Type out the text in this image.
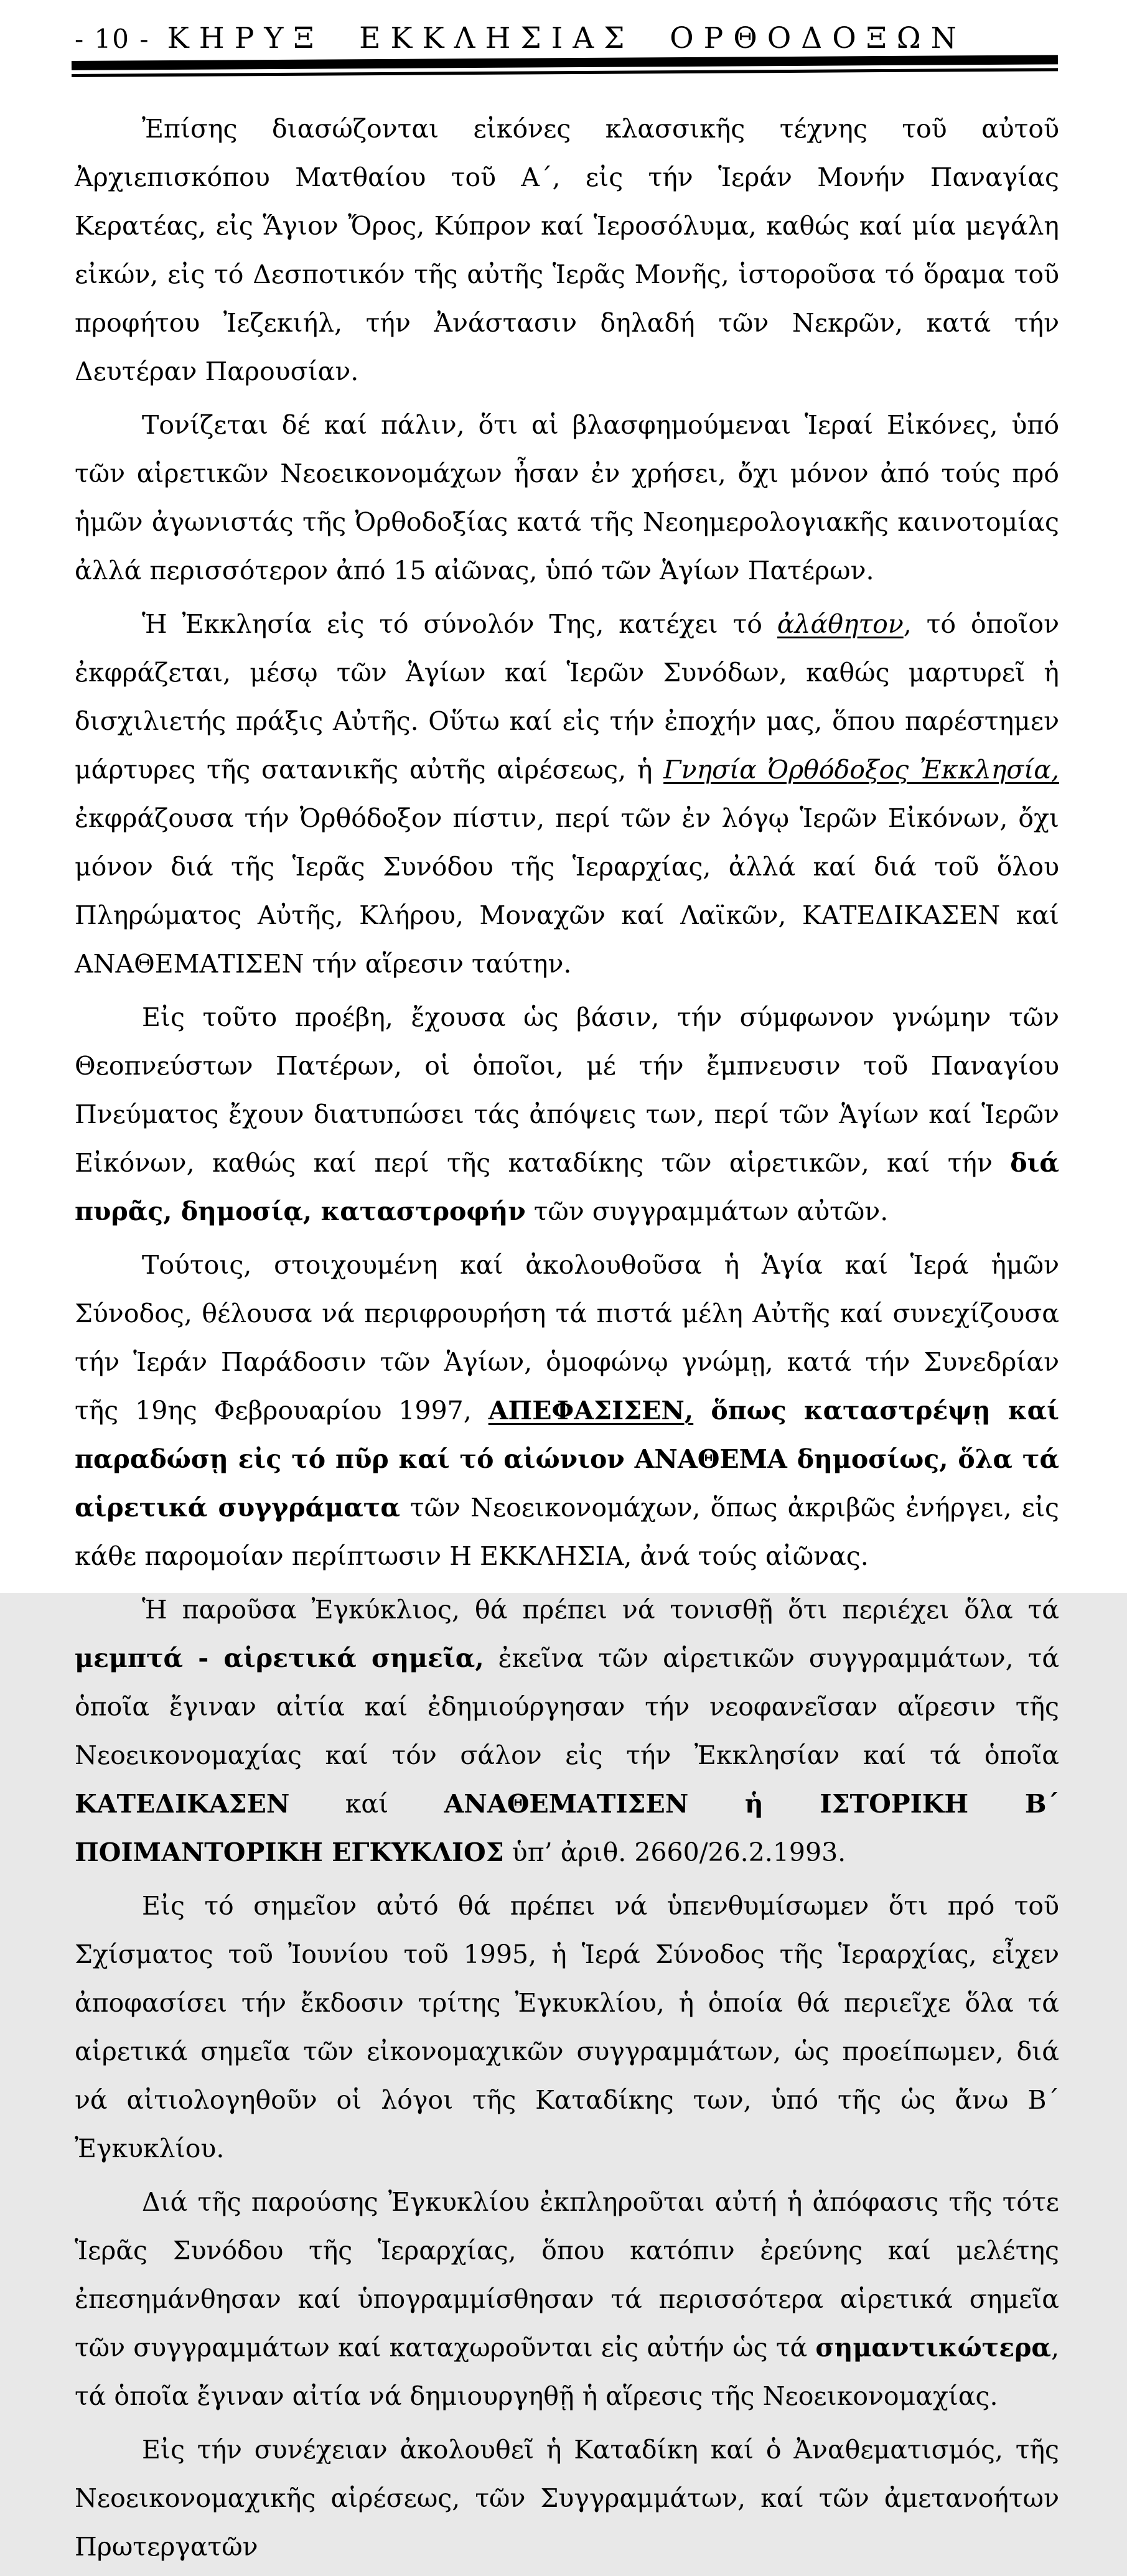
- 10 - ΚΗΡΥΞ ΕΚΚΛΗΣΙΑΣ ΟΡΘΟΔΟΞΩΝ

Ἐπίσης διασώζονται εἰκόνες κλασσικῆς τέχνης τοῦ αὐτοῦ Ἀρχιεπισκόπου Ματθαίου τοῦ Α΄, εἰς τήν Ἱεράν Μονήν Παναγίας Κερατέας, εἰς Ἅγιον Ὄρος, Κύπρον καί Ἱεροσόλυμα, καθώς καί μία μεγάλη εἰκών, εἰς τό Δεσποτικόν τῆς αὐτῆς Ἱερᾶς Μονῆς, ἱστοροῦσα τό ὅραμα τοῦ προφήτου Ἰεζεκιήλ, τήν Ἀνάστασιν δηλαδή τῶν Νεκρῶν, κατά τήν Δευτέραν Παρουσίαν.

Τονίζεται δέ καί πάλιν, ὅτι αἱ βλασφημούμεναι Ἱεραί Εἰκόνες, ὑπό τῶν αἱρετικῶν Νεοεικονομάχων ἦσαν ἐν χρήσει, ὄχι μόνον ἀπό τούς πρό ἡμῶν ἀγωνιστάς τῆς Ὀρθοδοξίας κατά τῆς Νεοημερολογιακῆς καινοτομίας ἀλλά περισσότερον ἀπό 15 αἰῶνας, ὑπό τῶν Ἁγίων Πατέρων.

Ἡ Ἐκκλησία εἰς τό σύνολόν Της, κατέχει τό ἀλάθητον, τό ὁποῖον ἐκφράζεται, μέσῳ τῶν Ἁγίων καί Ἱερῶν Συνόδων, καθώς μαρτυρεῖ ἡ δισχιλιετής πράξις Αὐτῆς. Οὕτω καί εἰς τήν ἐποχήν μας, ὅπου παρέστημεν μάρτυρες τῆς σατανικῆς αὐτῆς αἱρέσεως, ἡ Γνησία Ὀρθόδοξος Ἐκκλησία, ἐκφράζουσα τήν Ὀρθόδοξον πίστιν, περί τῶν ἐν λόγῳ Ἱερῶν Εἰκόνων, ὄχι μόνον διά τῆς Ἱερᾶς Συνόδου τῆς Ἱεραρχίας, ἀλλά καί διά τοῦ ὅλου Πληρώματος Αὐτῆς, Κλήρου, Μοναχῶν καί Λαϊκῶν, ΚΑΤΕΔΙΚΑΣΕΝ καί ΑΝΑΘΕΜΑΤΙΣΕΝ τήν αἵρεσιν ταύτην.

Εἰς τοῦτο προέβη, ἔχουσα ὡς βάσιν, τήν σύμφωνον γνώμην τῶν Θεοπνεύστων Πατέρων, οἱ ὁποῖοι, μέ τήν ἔμπνευσιν τοῦ Παναγίου Πνεύματος ἔχουν διατυπώσει τάς ἀπόψεις των, περί τῶν Ἁγίων καί Ἱερῶν Εἰκόνων, καθώς καί περί τῆς καταδίκης τῶν αἱρετικῶν, καί τήν διά πυρᾶς, δημοσίᾳ, καταστροφήν τῶν συγγραμμάτων αὐτῶν.

Τούτοις, στοιχουμένη καί ἀκολουθοῦσα ἡ Ἁγία καί Ἱερά ἡμῶν Σύνοδος, θέλουσα νά περιφρουρήση τά πιστά μέλη Αὐτῆς καί συνεχίζουσα τήν Ἱεράν Παράδοσιν τῶν Ἁγίων, ὁμοφώνῳ γνώμῃ, κατά τήν Συνεδρίαν τῆς 19ης Φεβρουαρίου 1997, ΑΠΕΦΑΣΙΣΕΝ, ὅπως καταστρέψῃ καί παραδώσῃ εἰς τό πῦρ καί τό αἰώνιον ΑΝΑΘΕΜΑ δημοσίως, ὅλα τά αἱρετικά συγγράματα τῶν Νεοεικονομάχων, ὅπως ἀκριβῶς ἐνήργει, εἰς κάθε παρομοίαν περίπτωσιν Η ΕΚΚΛΗΣΙΑ, ἀνά τούς αἰῶνας.

Ἡ παροῦσα Ἐγκύκλιος, θά πρέπει νά τονισθῇ ὅτι περιέχει ὅλα τά μεμπτά - αἱρετικά σημεῖα, ἐκεῖνα τῶν αἱρετικῶν συγγραμμάτων, τά ὁποῖα ἔγιναν αἰτία καί ἐδημιούργησαν τήν νεοφανεῖσαν αἵρεσιν τῆς Νεοεικονομαχίας καί τόν σάλον εἰς τήν Ἐκκλησίαν καί τά ὁποῖα ΚΑΤΕΔΙΚΑΣΕΝ καί ΑΝΑΘΕΜΑΤΙΣΕΝ ἡ ΙΣΤΟΡΙΚΗ Β΄ ΠΟΙΜΑΝΤΟΡΙΚΗ ΕΓΚΥΚΛΙΟΣ ὑπ’ ἀριθ. 2660/26.2.1993.

Εἰς τό σημεῖον αὐτό θά πρέπει νά ὑπενθυμίσωμεν ὅτι πρό τοῦ Σχίσματος τοῦ Ἰουνίου τοῦ 1995, ἡ Ἱερά Σύνοδος τῆς Ἱεραρχίας, εἶχεν ἀποφασίσει τήν ἔκδοσιν τρίτης Ἐγκυκλίου, ἡ ὁποία θά περιεῖχε ὅλα τά αἱρετικά σημεῖα τῶν εἰκονομαχικῶν συγγραμμάτων, ὡς προείπωμεν, διά νά αἰτιολογηθοῦν οἱ λόγοι τῆς Καταδίκης των, ὑπό τῆς ὡς ἄνω Β΄ Ἐγκυκλίου.

Διά τῆς παρούσης Ἐγκυκλίου ἐκπληροῦται αὐτή ἡ ἀπόφασις τῆς τότε Ἱερᾶς Συνόδου τῆς Ἱεραρχίας, ὅπου κατόπιν ἐρεύνης καί μελέτης ἐπεσημάνθησαν καί ὑπογραμμίσθησαν τά περισσότερα αἱρετικά σημεῖα τῶν συγγραμμάτων καί καταχωροῦνται εἰς αὐτήν ὡς τά σημαντικώτερα, τά ὁποῖα ἔγιναν αἰτία νά δημιουργηθῇ ἡ αἵρεσις τῆς Νεοεικονομαχίας.

Εἰς τήν συνέχειαν ἀκολουθεῖ ἡ Καταδίκη καί ὁ Ἀναθεματισμός, τῆς Νεοεικονομαχικῆς αἱρέσεως, τῶν Συγγραμμάτων, καί τῶν ἀμετανοήτων Πρωτεργατῶν
